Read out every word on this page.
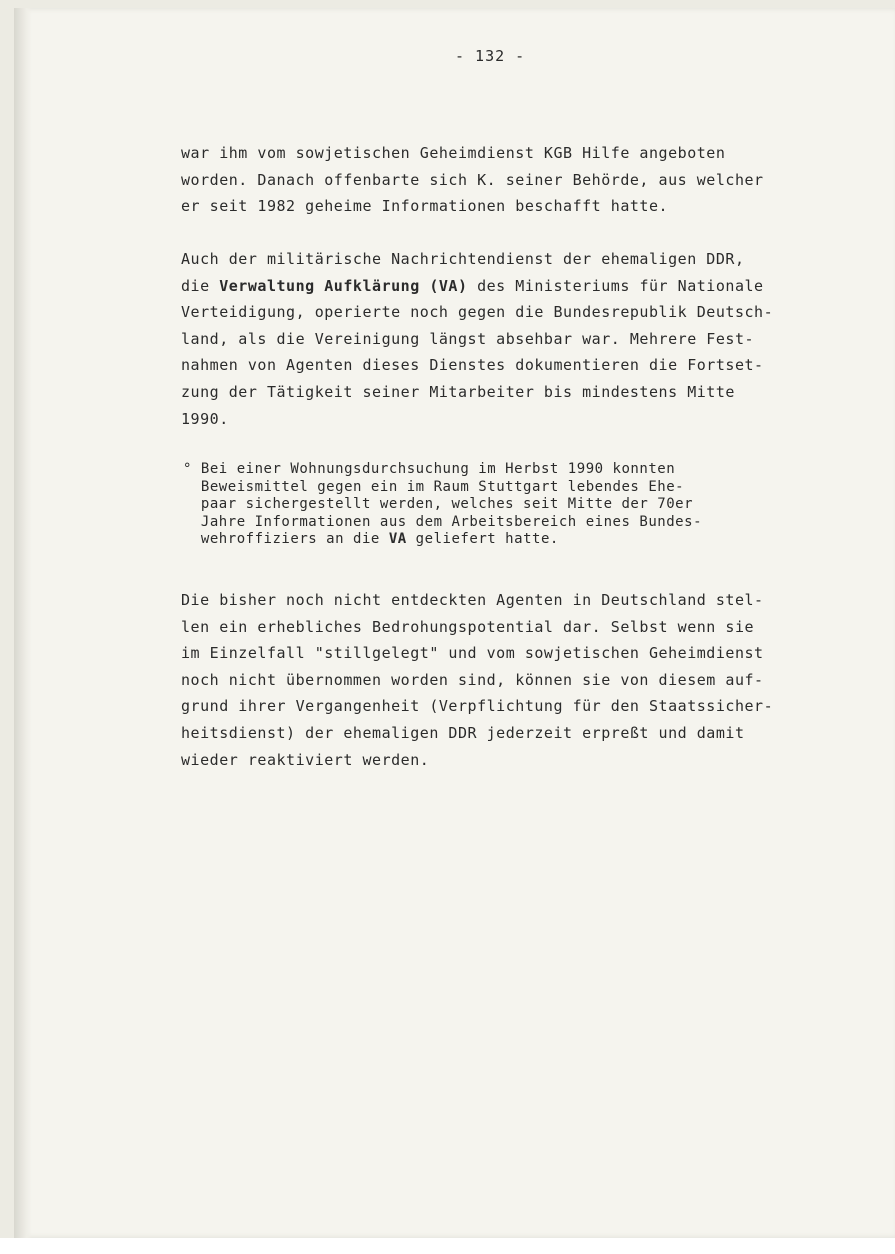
- 132 -
war ihm vom sowjetischen Geheimdienst KGB Hilfe angeboten
worden. Danach offenbarte sich K. seiner Behörde, aus welcher
er seit 1982 geheime Informationen beschafft hatte.
Auch der militärische Nachrichtendienst der ehemaligen DDR,
die Verwaltung Aufklärung (VA) des Ministeriums für Nationale
Verteidigung, operierte noch gegen die Bundesrepublik Deutsch-
land, als die Vereinigung längst absehbar war. Mehrere Fest-
nahmen von Agenten dieses Dienstes dokumentieren die Fortset-
zung der Tätigkeit seiner Mitarbeiter bis mindestens Mitte
1990.
° Bei einer Wohnungsdurchsuchung im Herbst 1990 konnten
Beweismittel gegen ein im Raum Stuttgart lebendes Ehe-
paar sichergestellt werden, welches seit Mitte der 70er
Jahre Informationen aus dem Arbeitsbereich eines Bundes-
wehroffiziers an die VA geliefert hatte.
Die bisher noch nicht entdeckten Agenten in Deutschland stel-
len ein erhebliches Bedrohungspotential dar. Selbst wenn sie
im Einzelfall "stillgelegt" und vom sowjetischen Geheimdienst
noch nicht übernommen worden sind, können sie von diesem auf-
grund ihrer Vergangenheit (Verpflichtung für den Staatssicher-
heitsdienst) der ehemaligen DDR jederzeit erpreßt und damit
wieder reaktiviert werden.
